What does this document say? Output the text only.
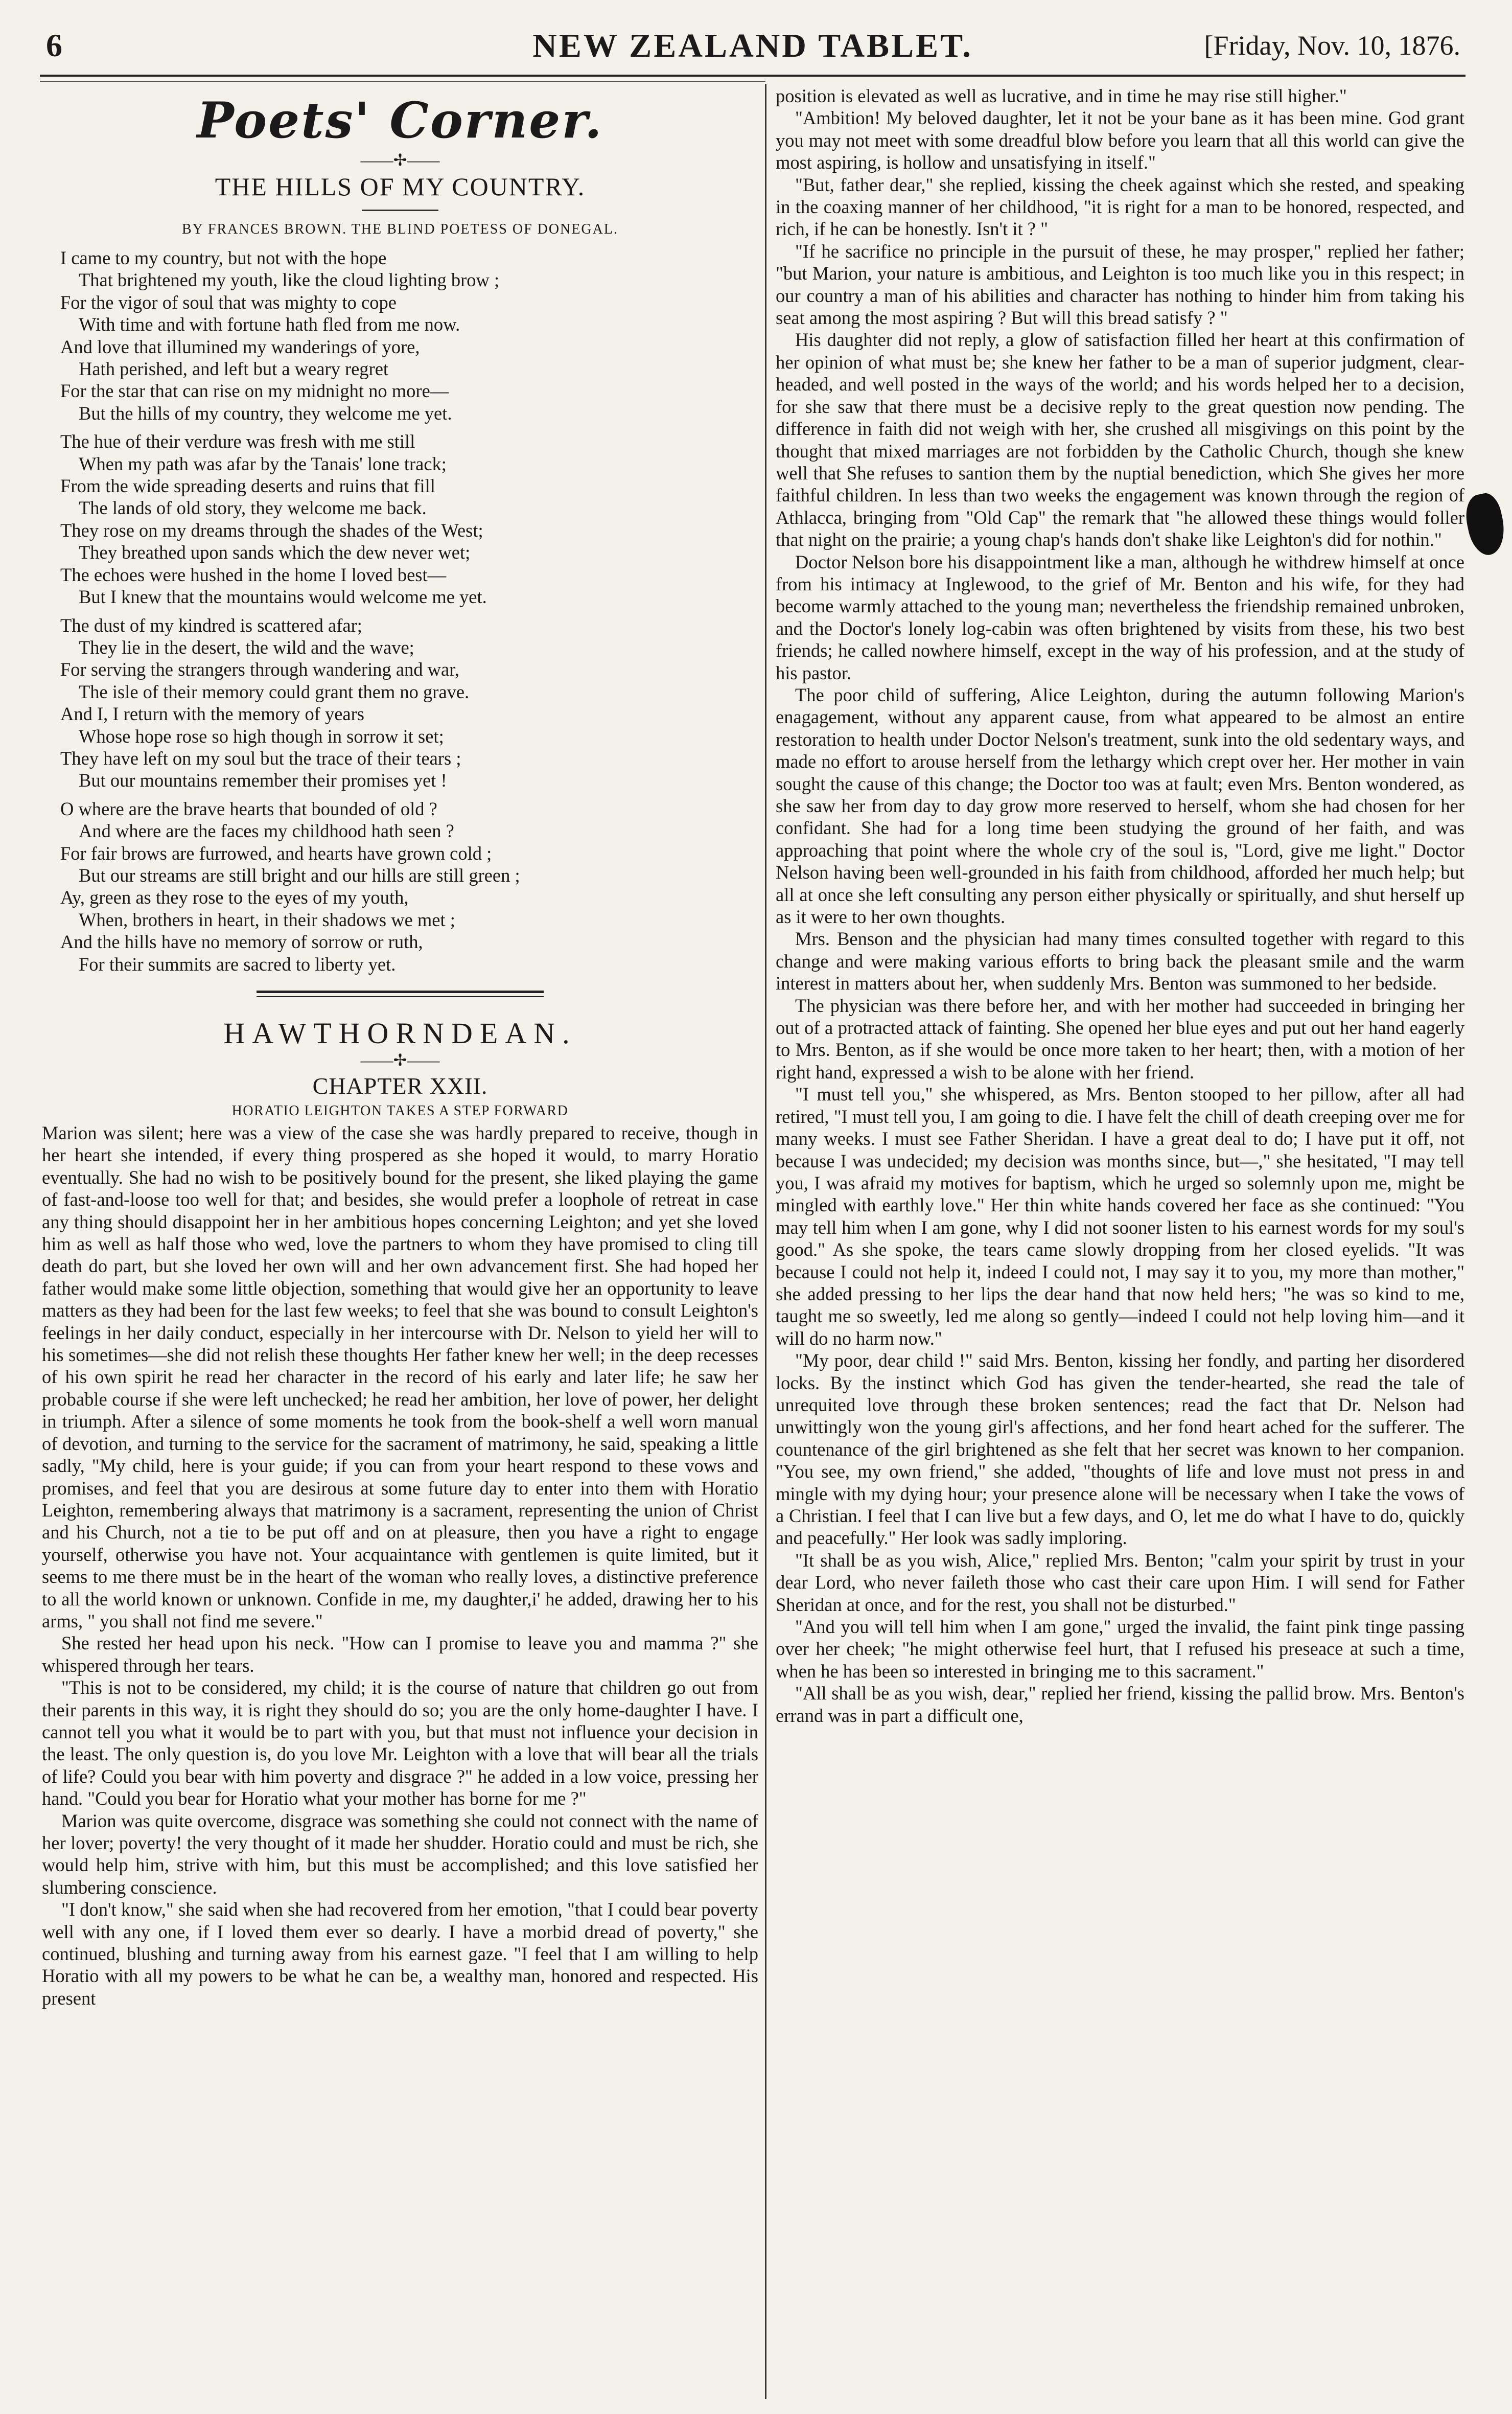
6	NEW ZEALAND TABLET.	[Friday, Nov. 10, 1876.
Poets' Corner.
——✢——
THE HILLS OF MY COUNTRY.
BY FRANCES BROWN. THE BLIND POETESS OF DONEGAL.
I came to my country, but not with the hope
That brightened my youth, like the cloud lighting brow ;
For the vigor of soul that was mighty to cope
With time and with fortune hath fled from me now.
And love that illumined my wanderings of yore,
Hath perished, and left but a weary regret
For the star that can rise on my midnight no more—
But the hills of my country, they welcome me yet.
The hue of their verdure was fresh with me still
When my path was afar by the Tanais' lone track;
From the wide spreading deserts and ruins that fill
The lands of old story, they welcome me back.
They rose on my dreams through the shades of the West;
They breathed upon sands which the dew never wet;
The echoes were hushed in the home I loved best—
But I knew that the mountains would welcome me yet.
The dust of my kindred is scattered afar;
They lie in the desert, the wild and the wave;
For serving the strangers through wandering and war,
The isle of their memory could grant them no grave.
And I, I return with the memory of years
Whose hope rose so high though in sorrow it set;
They have left on my soul but the trace of their tears ;
But our mountains remember their promises yet !
O where are the brave hearts that bounded of old ?
And where are the faces my childhood hath seen ?
For fair brows are furrowed, and hearts have grown cold ;
But our streams are still bright and our hills are still green ;
Ay, green as they rose to the eyes of my youth,
When, brothers in heart, in their shadows we met ;
And the hills have no memory of sorrow or ruth,
For their summits are sacred to liberty yet.
HAWTHORNDEAN.
——✢——
CHAPTER XXII.
HORATIO LEIGHTON TAKES A STEP FORWARD

Marion was silent; here was a view of the case she was hardly prepared to receive, though in her heart she intended, if every thing prospered as she hoped it would, to marry Horatio eventually. She had no wish to be positively bound for the present, she liked playing the game of fast-and-loose too well for that; and besides, she would prefer a loophole of retreat in case any thing should disappoint her in her ambitious hopes concerning Leighton; and yet she loved him as well as half those who wed, love the partners to whom they have promised to cling till death do part, but she loved her own will and her own advancement first. She had hoped her father would make some little objection, something that would give her an opportunity to leave matters as they had been for the last few weeks; to feel that she was bound to consult Leighton's feelings in her daily conduct, especially in her intercourse with Dr. Nelson to yield her will to his sometimes—she did not relish these thoughts Her father knew her well; in the deep recesses of his own spirit he read her character in the record of his early and later life; he saw her probable course if she were left unchecked; he read her ambition, her love of power, her delight in triumph. After a silence of some moments he took from the book-shelf a well worn manual of devotion, and turning to the service for the sacrament of matrimony, he said, speaking a little sadly, "My child, here is your guide; if you can from your heart respond to these vows and promises, and feel that you are desirous at some future day to enter into them with Horatio Leighton, remembering always that matrimony is a sacrament, representing the union of Christ and his Church, not a tie to be put off and on at pleasure, then you have a right to engage yourself, otherwise you have not. Your acquaintance with gentlemen is quite limited, but it seems to me there must be in the heart of the woman who really loves, a distinctive preference to all the world known or unknown. Confide in me, my daughter,i' he added, drawing her to his arms, " you shall not find me severe."

She rested her head upon his neck. "How can I promise to leave you and mamma ?" she whispered through her tears.

"This is not to be considered, my child; it is the course of nature that children go out from their parents in this way, it is right they should do so; you are the only home-daughter I have. I cannot tell you what it would be to part with you, but that must not influence your decision in the least. The only question is, do you love Mr. Leighton with a love that will bear all the trials of life? Could you bear with him poverty and disgrace ?" he added in a low voice, pressing her hand. "Could you bear for Horatio what your mother has borne for me ?"

Marion was quite overcome, disgrace was something she could not connect with the name of her lover; poverty! the very thought of it made her shudder. Horatio could and must be rich, she would help him, strive with him, but this must be accomplished; and this love satisfied her slumbering conscience.

"I don't know," she said when she had recovered from her emotion, "that I could bear poverty well with any one, if I loved them ever so dearly. I have a morbid dread of poverty," she continued, blushing and turning away from his earnest gaze. "I feel that I am willing to help Horatio with all my powers to be what he can be, a wealthy man, honored and respected. His present

position is elevated as well as lucrative, and in time he may rise still higher."

"Ambition! My beloved daughter, let it not be your bane as it has been mine. God grant you may not meet with some dreadful blow before you learn that all this world can give the most aspiring, is hollow and unsatisfying in itself."

"But, father dear," she replied, kissing the cheek against which she rested, and speaking in the coaxing manner of her childhood, "it is right for a man to be honored, respected, and rich, if he can be honestly. Isn't it ? "

"If he sacrifice no principle in the pursuit of these, he may prosper," replied her father; "but Marion, your nature is ambitious, and Leighton is too much like you in this respect; in our country a man of his abilities and character has nothing to hinder him from taking his seat among the most aspiring ? But will this bread satisfy ? "

His daughter did not reply, a glow of satisfaction filled her heart at this confirmation of her opinion of what must be; she knew her father to be a man of superior judgment, clear-headed, and well posted in the ways of the world; and his words helped her to a decision, for she saw that there must be a decisive reply to the great question now pending. The difference in faith did not weigh with her, she crushed all misgivings on this point by the thought that mixed marriages are not forbidden by the Catholic Church, though she knew well that She refuses to santion them by the nuptial benediction, which She gives her more faithful children. In less than two weeks the engagement was known through the region of Athlacca, bringing from "Old Cap" the remark that "he allowed these things would foller that night on the prairie; a young chap's hands don't shake like Leighton's did for nothin."

Doctor Nelson bore his disappointment like a man, although he withdrew himself at once from his intimacy at Inglewood, to the grief of Mr. Benton and his wife, for they had become warmly attached to the young man; nevertheless the friendship remained unbroken, and the Doctor's lonely log-cabin was often brightened by visits from these, his two best friends; he called nowhere himself, except in the way of his profession, and at the study of his pastor.

The poor child of suffering, Alice Leighton, during the autumn following Marion's enagagement, without any apparent cause, from what appeared to be almost an entire restoration to health under Doctor Nelson's treatment, sunk into the old sedentary ways, and made no effort to arouse herself from the lethargy which crept over her. Her mother in vain sought the cause of this change; the Doctor too was at fault; even Mrs. Benton wondered, as she saw her from day to day grow more reserved to herself, whom she had chosen for her confidant. She had for a long time been studying the ground of her faith, and was approaching that point where the whole cry of the soul is, "Lord, give me light." Doctor Nelson having been well-grounded in his faith from childhood, afforded her much help; but all at once she left consulting any person either physically or spiritually, and shut herself up as it were to her own thoughts.

Mrs. Benson and the physician had many times consulted together with regard to this change and were making various efforts to bring back the pleasant smile and the warm interest in matters about her, when suddenly Mrs. Benton was summoned to her bedside.

The physician was there before her, and with her mother had succeeded in bringing her out of a protracted attack of fainting. She opened her blue eyes and put out her hand eagerly to Mrs. Benton, as if she would be once more taken to her heart; then, with a motion of her right hand, expressed a wish to be alone with her friend.

"I must tell you," she whispered, as Mrs. Benton stooped to her pillow, after all had retired, "I must tell you, I am going to die. I have felt the chill of death creeping over me for many weeks. I must see Father Sheridan. I have a great deal to do; I have put it off, not because I was undecided; my decision was months since, but—," she hesitated, "I may tell you, I was afraid my motives for baptism, which he urged so solemnly upon me, might be mingled with earthly love." Her thin white hands covered her face as she continued: "You may tell him when I am gone, why I did not sooner listen to his earnest words for my soul's good." As she spoke, the tears came slowly dropping from her closed eyelids. "It was because I could not help it, indeed I could not, I may say it to you, my more than mother," she added pressing to her lips the dear hand that now held hers; "he was so kind to me, taught me so sweetly, led me along so gently—indeed I could not help loving him—and it will do no harm now."

"My poor, dear child !" said Mrs. Benton, kissing her fondly, and parting her disordered locks. By the instinct which God has given the tender-hearted, she read the tale of unrequited love through these broken sentences; read the fact that Dr. Nelson had unwittingly won the young girl's affections, and her fond heart ached for the sufferer. The countenance of the girl brightened as she felt that her secret was known to her companion. "You see, my own friend," she added, "thoughts of life and love must not press in and mingle with my dying hour; your presence alone will be necessary when I take the vows of a Christian. I feel that I can live but a few days, and O, let me do what I have to do, quickly and peacefully." Her look was sadly imploring.

"It shall be as you wish, Alice," replied Mrs. Benton; "calm your spirit by trust in your dear Lord, who never faileth those who cast their care upon Him. I will send for Father Sheridan at once, and for the rest, you shall not be disturbed."

"And you will tell him when I am gone," urged the invalid, the faint pink tinge passing over her cheek; "he might otherwise feel hurt, that I refused his preseace at such a time, when he has been so interested in bringing me to this sacrament."

"All shall be as you wish, dear," replied her friend, kissing the pallid brow. Mrs. Benton's errand was in part a difficult one,
